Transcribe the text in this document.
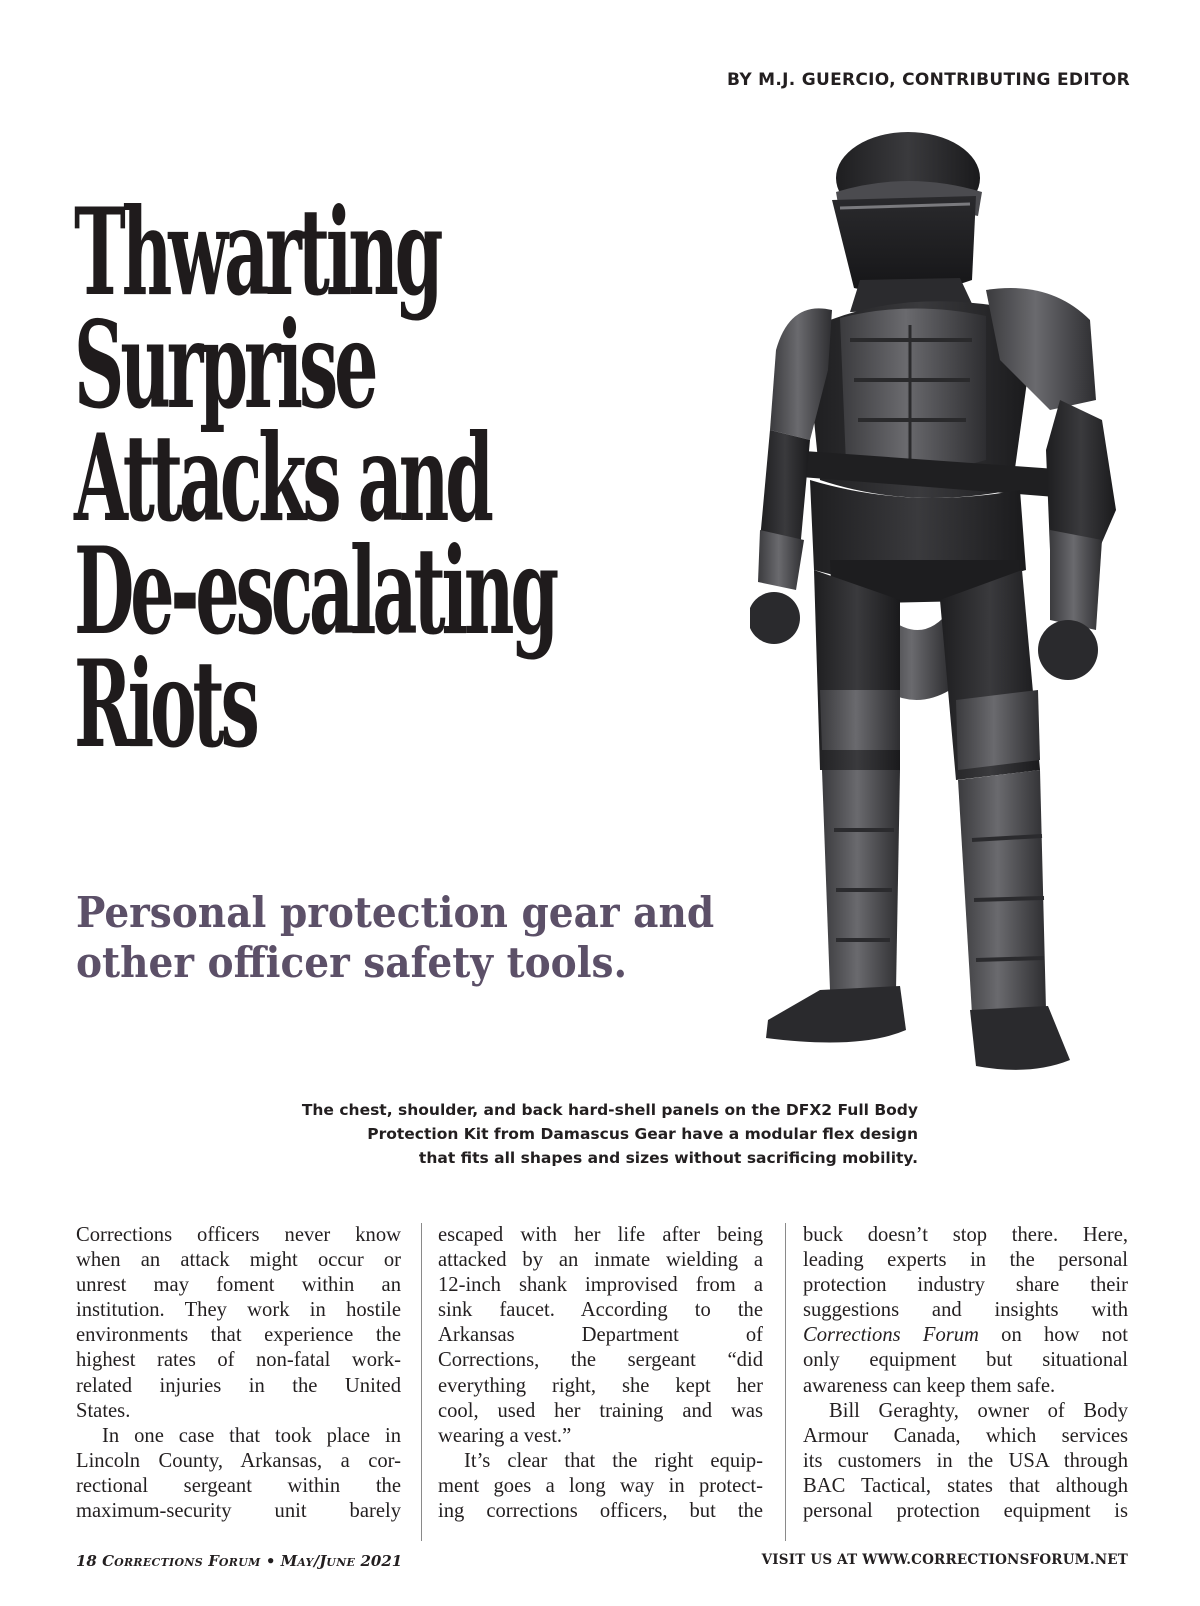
BY M.J. GUERCIO, CONTRIBUTING EDITOR
Thwarting
Surprise
Attacks and
De-escalating
Riots
Personal protection gear and
other officer safety tools.
The chest, shoulder, and back hard-shell panels on the DFX2 Full Body
Protection Kit from Damascus Gear have a modular flex design
that fits all shapes and sizes without sacrificing mobility.
Corrections officers never know
when an attack might occur or
unrest may foment within an
institution. They work in hostile
environments that experience the
highest rates of non-fatal work-
related injuries in the United
States.
In one case that took place in
Lincoln County, Arkansas, a cor-
rectional sergeant within the
maximum-security unit barely
escaped with her life after being
attacked by an inmate wielding a
12-inch shank improvised from a
sink faucet. According to the
Arkansas Department of
Corrections, the sergeant “did
everything right, she kept her
cool, used her training and was
wearing a vest.”
It’s clear that the right equip-
ment goes a long way in protect-
ing corrections officers, but the
buck doesn’t stop there. Here,
leading experts in the personal
protection industry share their
suggestions and insights with
Corrections Forum on how not
only equipment but situational
awareness can keep them safe.
Bill Geraghty, owner of Body
Armour Canada, which services
its customers in the USA through
BAC Tactical, states that although
personal protection equipment is
18 CORRECTIONS FORUM • MAY/JUNE 2021	VISIT US AT WWW.CORRECTIONSFORUM.NET
